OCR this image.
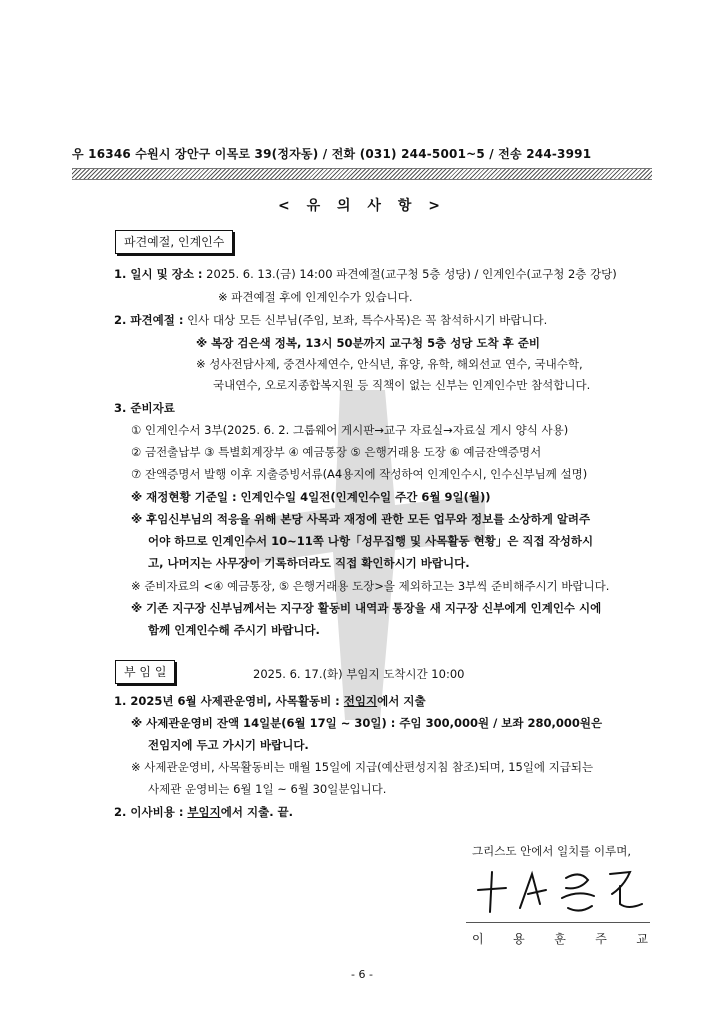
우 16346 수원시 장안구 이목로 39(정자동) / 전화 (031) 244-5001~5 / 전송 244-3991
< 유 의 사 항 >
파견예절, 인계인수
1. 일시 및 장소 : 2025. 6. 13.(금) 14:00 파견예절(교구청 5층 성당) / 인계인수(교구청 2층 강당)
※ 파견예절 후에 인계인수가 있습니다.
2. 파견예절 : 인사 대상 모든 신부님(주임, 보좌, 특수사목)은 꼭 참석하시기 바랍니다.
※ 복장 검은색 정복, 13시 50분까지 교구청 5층 성당 도착 후 준비
※ 성사전담사제, 중견사제연수, 안식년, 휴양, 유학, 해외선교 연수, 국내수학,
국내연수, 오로지종합복지원 등 직책이 없는 신부는 인계인수만 참석합니다.
3. 준비자료
① 인계인수서 3부(2025. 6. 2. 그룹웨어 게시판→교구 자료실→자료실 게시 양식 사용)
② 금전출납부 ③ 특별회계장부 ④ 예금통장 ⑤ 은행거래용 도장 ⑥ 예금잔액증명서
⑦ 잔액증명서 발행 이후 지출증빙서류(A4용지에 작성하여 인계인수시, 인수신부님께 설명)
※ 재정현황 기준일 : 인계인수일 4일전(인계인수일 주간 6월 9일(월))
※ 후임신부님의 적응을 위해 본당 사목과 재정에 관한 모든 업무와 정보를 소상하게 알려주
어야 하므로 인계인수서 10~11쪽 나항「성무집행 및 사목활동 현황」은 직접 작성하시
고, 나머지는 사무장이 기록하더라도 직접 확인하시기 바랍니다.
※ 준비자료의 <④ 예금통장, ⑤ 은행거래용 도장>을 제외하고는 3부씩 준비해주시기 바랍니다.
※ 기존 지구장 신부님께서는 지구장 활동비 내역과 통장을 새 지구장 신부에게 인계인수 시에
함께 인계인수해 주시기 바랍니다.
부 임 일	2025. 6. 17.(화) 부임지 도착시간 10:00
1. 2025년 6월 사제관운영비, 사목활동비 : 전임지에서 지출
※ 사제관운영비 잔액 14일분(6월 17일 ~ 30일) : 주임 300,000원 / 보좌 280,000원은
전임지에 두고 가시기 바랍니다.
※ 사제관운영비, 사목활동비는 매월 15일에 지급(예산편성지침 참조)되며, 15일에 지급되는
사제관 운영비는 6월 1일 ~ 6월 30일분입니다.
2. 이사비용 : 부임지에서 지출. 끝.
그리스도 안에서 일치를 이루며,
이 용 훈 주 교
- 6 -
